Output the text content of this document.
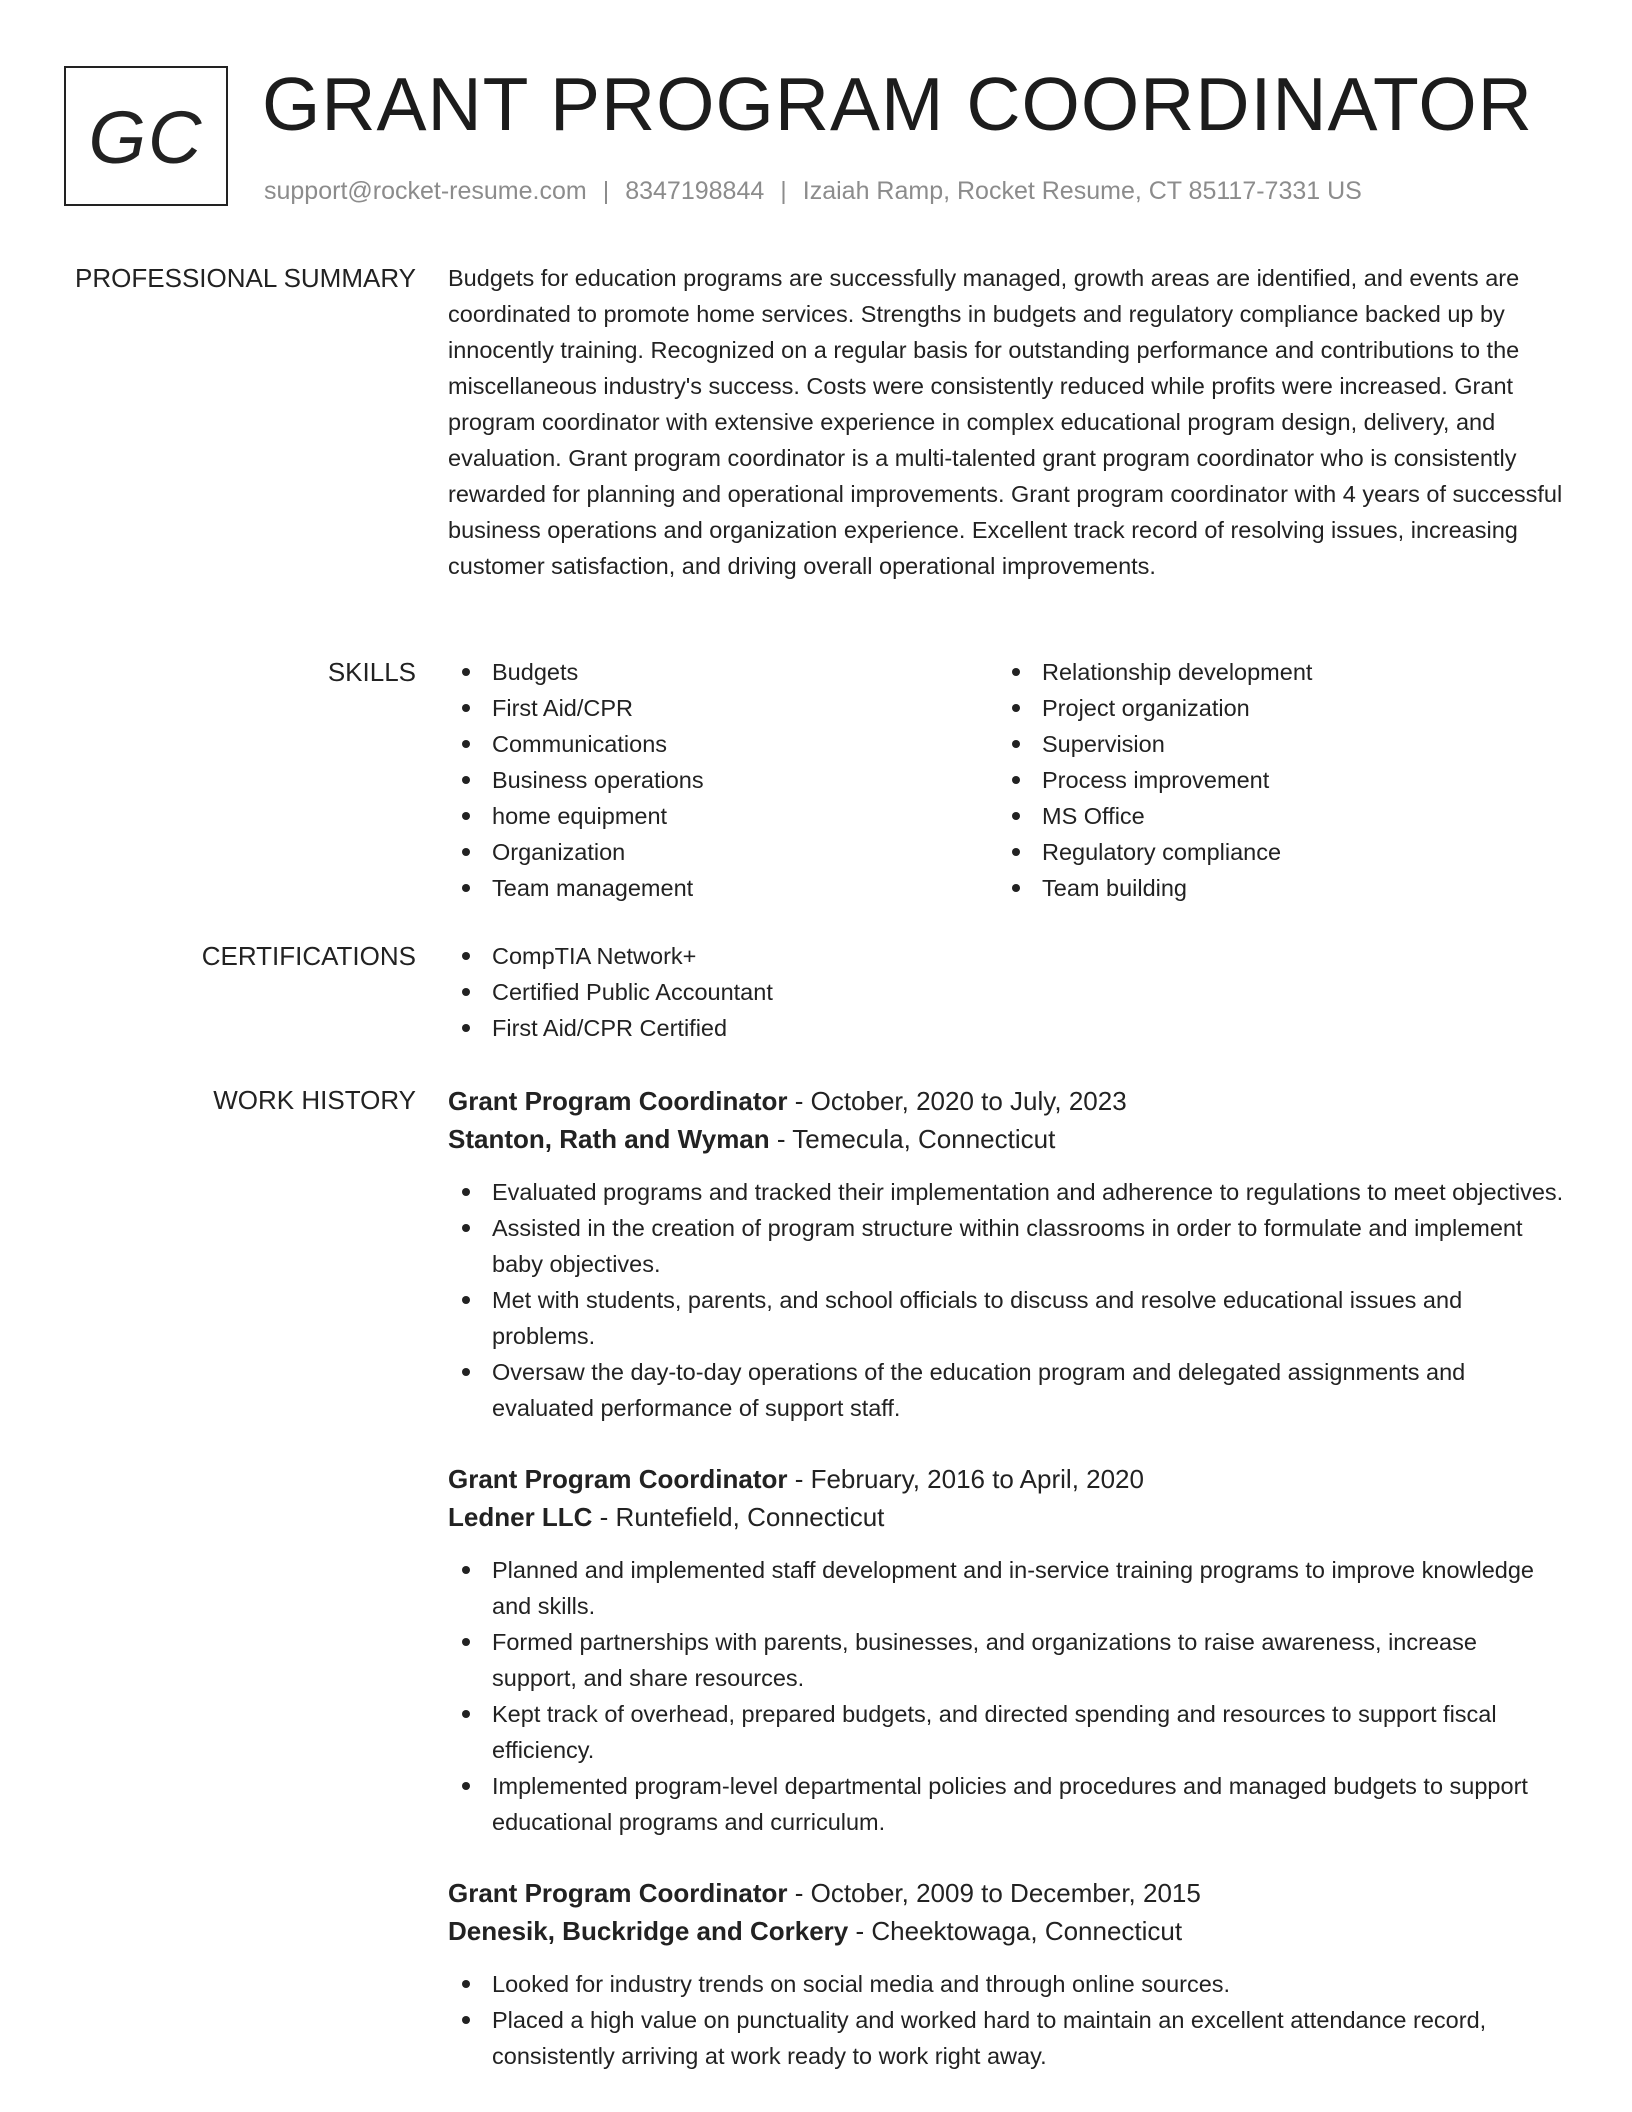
GC GRANT PROGRAM COORDINATOR
support@rocket-resume.com | 8347198844 | Izaiah Ramp, Rocket Resume, CT 85117-7331 US
PROFESSIONAL SUMMARY Budgets for education programs are successfully managed, growth areas are identified, and events are coordinated to promote home services. Strengths in budgets and regulatory compliance backed up by innocently training. Recognized on a regular basis for outstanding performance and contributions to the miscellaneous industry's success. Costs were consistently reduced while profits were increased. Grant program coordinator with extensive experience in complex educational program design, delivery, and evaluation. Grant program coordinator is a multi-talented grant program coordinator who is consistently rewarded for planning and operational improvements. Grant program coordinator with 4 years of successful business operations and organization experience. Excellent track record of resolving issues, increasing customer satisfaction, and driving overall operational improvements.

SKILLS	Budgets
First Aid/CPR
Communications
Business operations
home equipment
Organization
Team management
Relationship development
Project organization
Supervision
Process improvement
MS Office
Regulatory compliance
Team building
CERTIFICATIONS	CompTIA Network+
Certified Public Accountant
First Aid/CPR Certified
WORK HISTORY Grant Program Coordinator - October, 2020 to July, 2023
Stanton, Rath and Wyman - Temecula, Connecticut
Evaluated programs and tracked their implementation and adherence to regulations to meet objectives.
Assisted in the creation of program structure within classrooms in order to formulate and implement baby objectives.
Met with students, parents, and school officials to discuss and resolve educational issues and problems.
Oversaw the day-to-day operations of the education program and delegated assignments and evaluated performance of support staff.
Grant Program Coordinator - February, 2016 to April, 2020
Ledner LLC - Runtefield, Connecticut
Planned and implemented staff development and in-service training programs to improve knowledge and skills.
Formed partnerships with parents, businesses, and organizations to raise awareness, increase support, and share resources.
Kept track of overhead, prepared budgets, and directed spending and resources to support fiscal efficiency.
Implemented program-level departmental policies and procedures and managed budgets to support educational programs and curriculum.
Grant Program Coordinator - October, 2009 to December, 2015
Denesik, Buckridge and Corkery - Cheektowaga, Connecticut
Looked for industry trends on social media and through online sources.
Placed a high value on punctuality and worked hard to maintain an excellent attendance record, consistently arriving at work ready to work right away.
